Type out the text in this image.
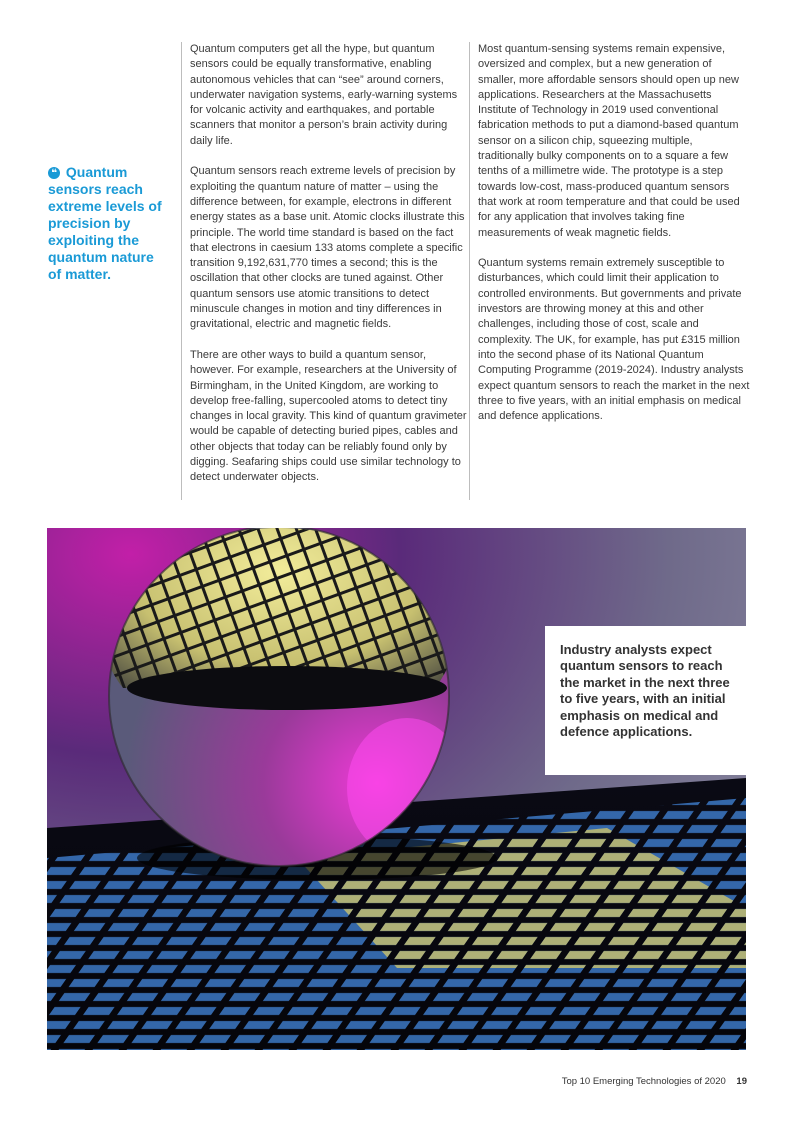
❝ Quantum sensors reach extreme levels of precision by exploiting the quantum nature of matter.

Quantum computers get all the hype, but quantum sensors could be equally transformative, enabling autonomous vehicles that can “see” around corners, underwater navigation systems, early-warning systems for volcanic activity and earthquakes, and portable scanners that monitor a person’s brain activity during daily life.

Quantum sensors reach extreme levels of precision by exploiting the quantum nature of matter – using the difference between, for example, electrons in different energy states as a base unit. Atomic clocks illustrate this principle. The world time standard is based on the fact that electrons in caesium 133 atoms complete a specific transition 9,192,631,770 times a second; this is the oscillation that other clocks are tuned against. Other quantum sensors use atomic transitions to detect minuscule changes in motion and tiny differences in gravitational, electric and magnetic fields.

There are other ways to build a quantum sensor, however. For example, researchers at the University of Birmingham, in the United Kingdom, are working to develop free-falling, supercooled atoms to detect tiny changes in local gravity. This kind of quantum gravimeter would be capable of detecting buried pipes, cables and other objects that today can be reliably found only by digging. Seafaring ships could use similar technology to detect underwater objects.

Most quantum-sensing systems remain expensive, oversized and complex, but a new generation of smaller, more affordable sensors should open up new applications. Researchers at the Massachusetts Institute of Technology in 2019 used conventional fabrication methods to put a diamond-based quantum sensor on a silicon chip, squeezing multiple, traditionally bulky components on to a square a few tenths of a millimetre wide. The prototype is a step towards low-cost, mass-produced quantum sensors that work at room temperature and that could be used for any application that involves taking fine measurements of weak magnetic fields.

Quantum systems remain extremely susceptible to disturbances, which could limit their application to controlled environments. But governments and private investors are throwing money at this and other challenges, including those of cost, scale and complexity. The UK, for example, has put £315 million into the second phase of its National Quantum Computing Programme (2019-2024). Industry analysts expect quantum sensors to reach the market in the next three to five years, with an initial emphasis on medical and defence applications.

Industry analysts expect quantum sensors to reach the market in the next three to five years, with an initial emphasis on medical and defence applications.
Top 10 Emerging Technologies of 2020 19
